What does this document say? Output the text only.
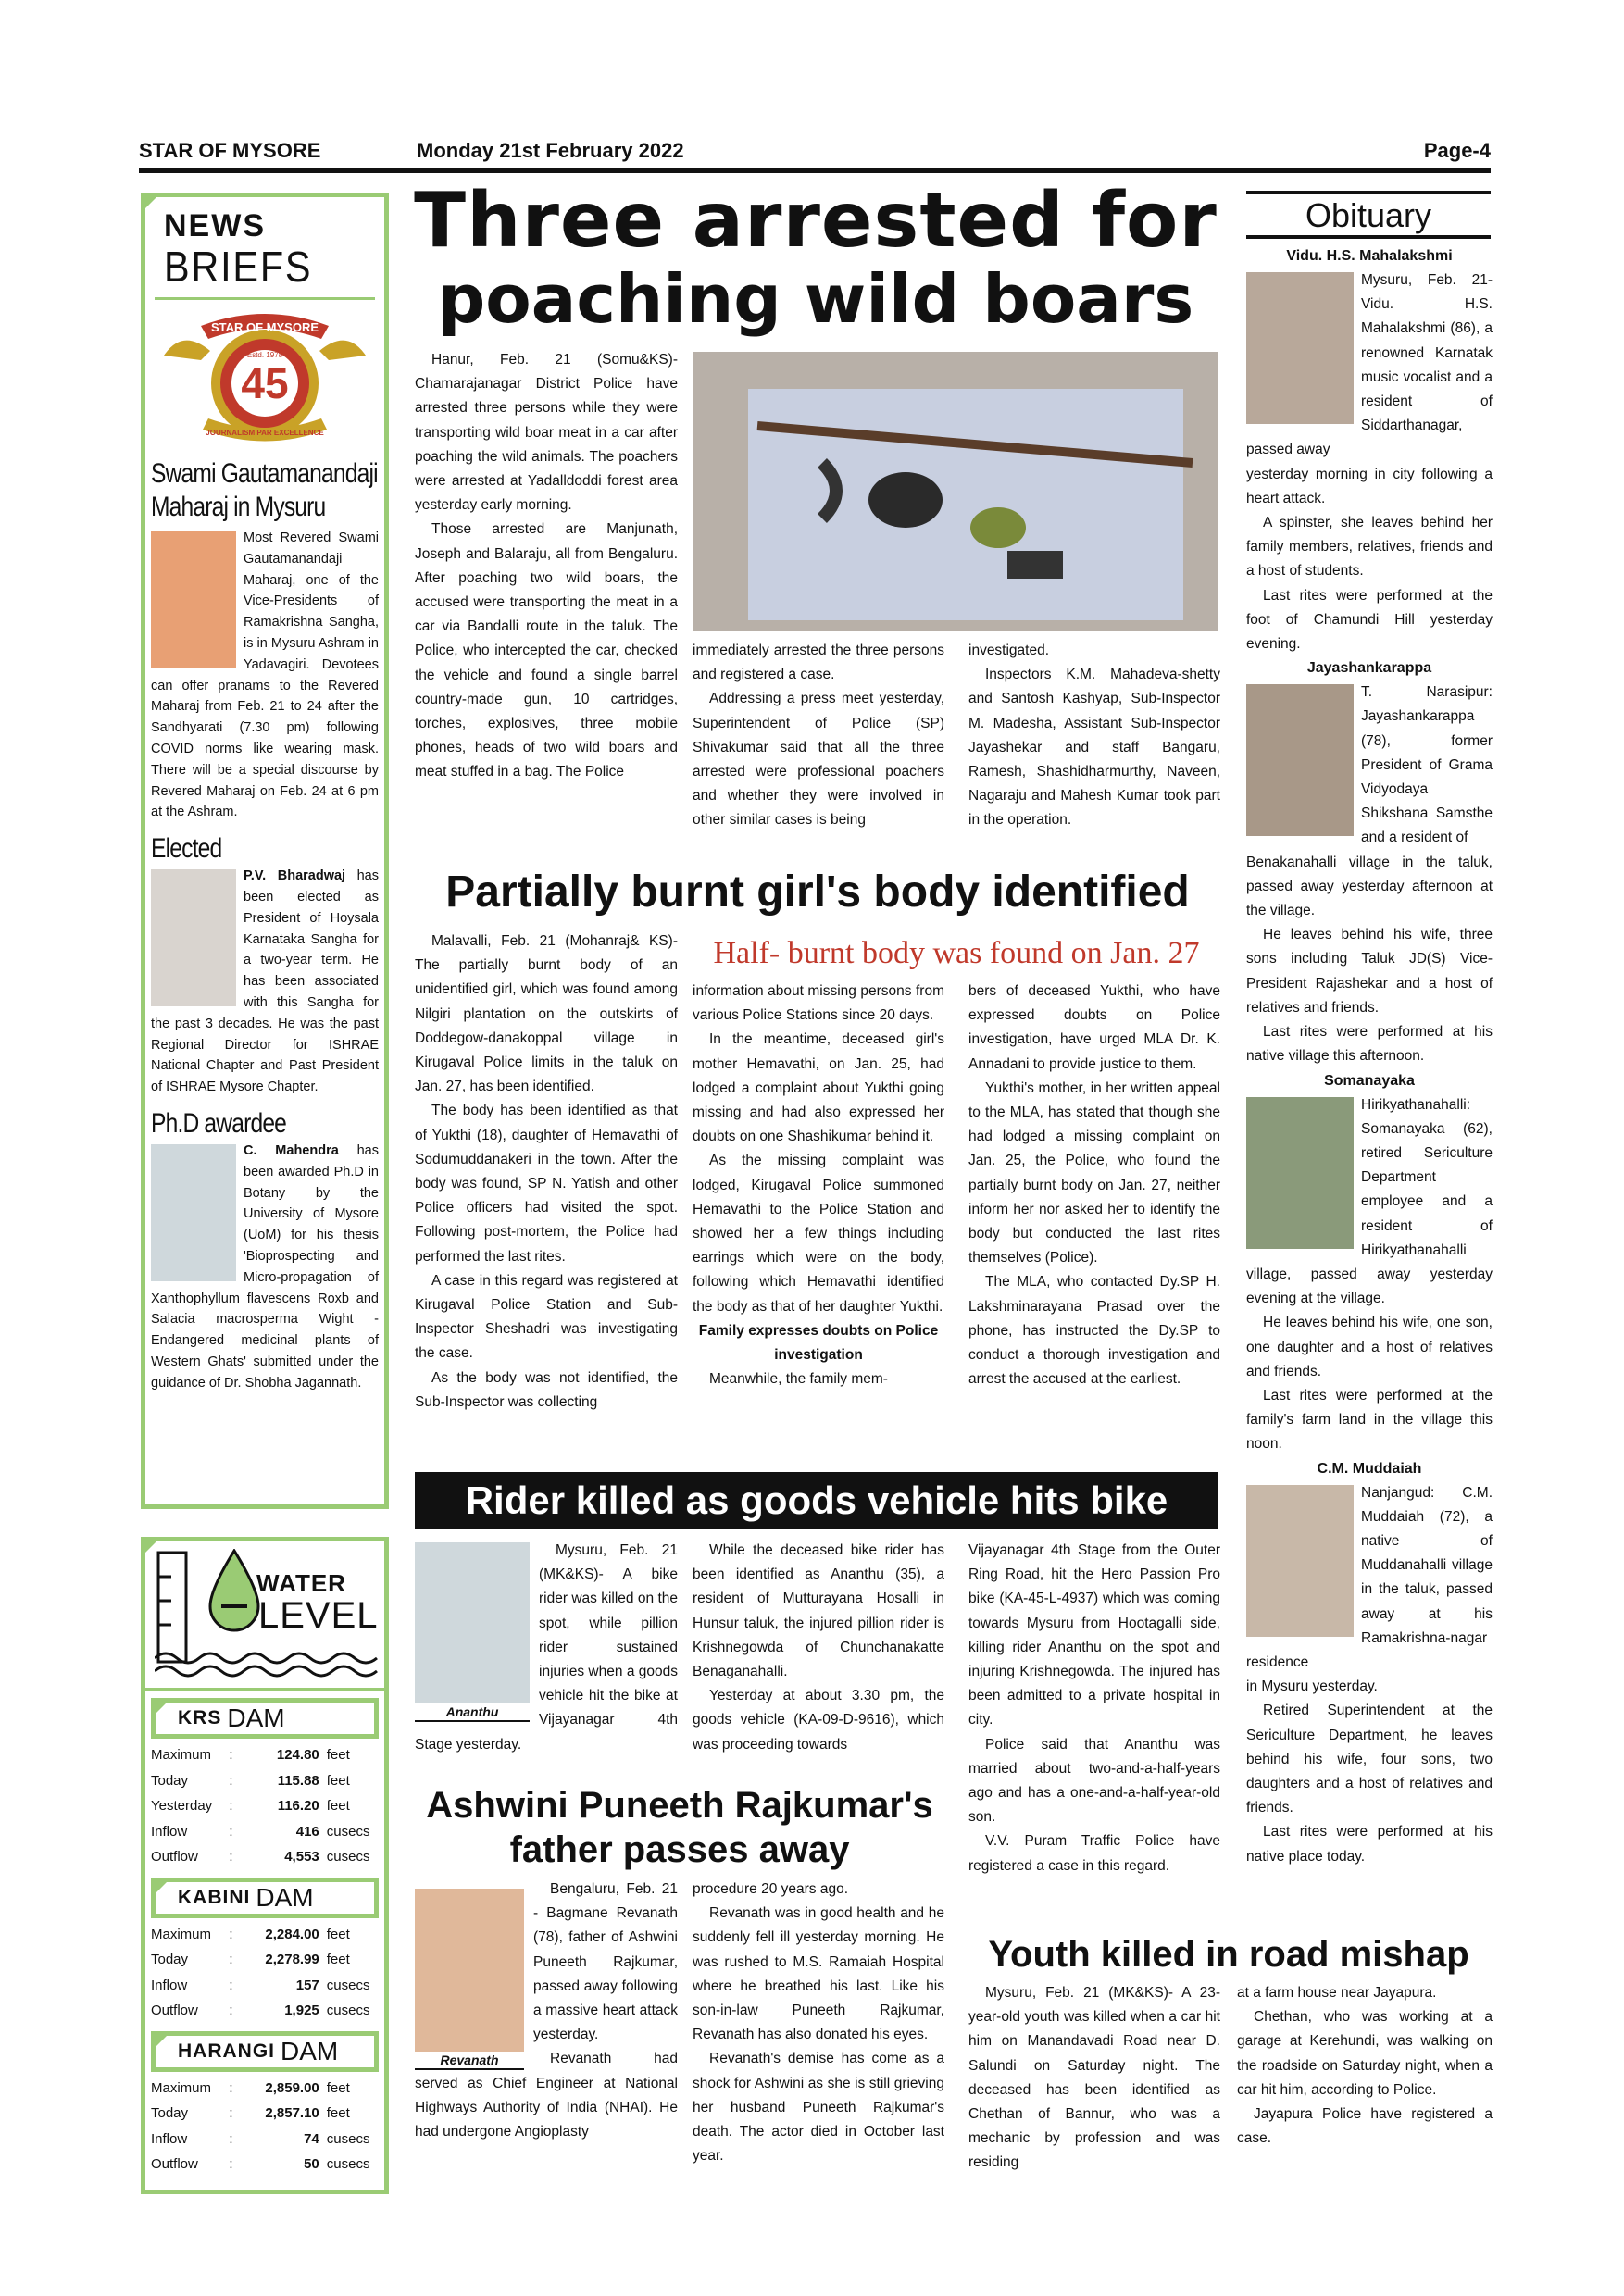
STAR OF MYSORE	Monday 21st February 2022	Page-4
NEWS
BRIEFS
45
STAR OF MYSORE
Estd. 1978
JOURNALISM PAR EXCELLENCE
Swami Gautamanandaji Maharaj in Mysuru
Most Revered Swami Gautamanandaji Maharaj, one of the Vice-Presidents of Ramakrishna Sangha, is in Mysuru Ashram in Yadavagiri. Devotees can offer pranams to the Revered Maharaj from Feb. 21 to 24 after the Sandhyarati (7.30 pm) following COVID norms like wearing mask. There will be a special discourse by Revered Maharaj on Feb. 24 at 6 pm at the Ashram.
Elected
P.V. Bharadwaj has been elected as President of Hoysala Karnataka Sangha for a two-year term. He has been associated with this Sangha for the past 3 decades. He was the past Regional Director for ISHRAE National Chapter and Past President of ISHRAE Mysore Chapter.
Ph.D awardee
C. Mahendra has been awarded Ph.D in Botany by the University of Mysore (UoM) for his thesis 'Bioprospecting and Micro-propagation of Xanthophyllum flavescens Roxb and Salacia macrosperma Wight - Endangered medicinal plants of Western Ghats' submitted under the guidance of Dr. Shobha Jagannath.
WATER
LEVEL
KRS DAM
Maximum	:	124.80 feet
Today	:	115.88 feet
Yesterday	:	116.20 feet
Inflow	:	416 cusecs
Outflow	:	4,553 cusecs
KABINI DAM
Maximum	:	2,284.00 feet
Today	:	2,278.99 feet
Inflow	:	157 cusecs
Outflow	:	1,925 cusecs
HARANGI DAM
Maximum	:	2,859.00 feet
Today	:	2,857.10 feet
Inflow	:	74 cusecs
Outflow	:	50 cusecs
Three arrested for
poaching wild boars

Hanur, Feb. 21 (Somu&KS)- Chamarajanagar District Police have arrested three persons while they were transporting wild boar meat in a car after poaching the wild animals. The poachers were arrested at Yadalldoddi forest area yesterday early morning.

Those arrested are Manjunath, Joseph and Balaraju, all from Bengaluru. After poaching two wild boars, the accused were transporting the meat in a car via Bandalli route in the taluk. The Police, who intercepted the car, checked the vehicle and found a single barrel country-made gun, 10 cartridges, torches, explosives, three mobile phones, heads of two wild boars and meat stuffed in a bag. The Police

immediately arrested the three persons and registered a case.

Addressing a press meet yesterday, Superintendent of Police (SP) Shivakumar said that all the three arrested were professional poachers and whether they were involved in other similar cases is being

investigated.

Inspectors K.M. Mahadeva-shetty and Santosh Kashyap, Sub-Inspector M. Madesha, Assistant Sub-Inspector Jayashekar and staff Bangaru, Ramesh, Shashidharmurthy, Naveen, Nagaraju and Mahesh Kumar took part in the operation.

Partially burnt girl's body identified

Malavalli, Feb. 21 (Mohanraj& KS)- The partially burnt body of an unidentified girl, which was found among Nilgiri plantation on the outskirts of Doddegow-danakoppal village in Kirugaval Police limits in the taluk on Jan. 27, has been identified.

The body has been identified as that of Yukthi (18), daughter of Hemavathi of Sodumuddanakeri in the town. After the body was found, SP N. Yatish and other Police officers had visited the spot. Following post-mortem, the Police had performed the last rites.

A case in this regard was registered at Kirugaval Police Station and Sub-Inspector Sheshadri was investigating the case.

As the body was not identified, the Sub-Inspector was collecting

Half- burnt body was found on Jan. 27

information about missing persons from various Police Stations since 20 days.

In the meantime, deceased girl's mother Hemavathi, on Jan. 25, had lodged a complaint about Yukthi going missing and had also expressed her doubts on one Shashikumar behind it.

As the missing complaint was lodged, Kirugaval Police summoned Hemavathi to the Police Station and showed her a few things including earrings which were on the body, following which Hemavathi identified the body as that of her daughter Yukthi.

Family expresses doubts on Police investigation

Meanwhile, the family mem-

bers of deceased Yukthi, who have expressed doubts on Police investigation, have urged MLA Dr. K. Annadani to provide justice to them.

Yukthi's mother, in her written appeal to the MLA, has stated that though she had lodged a missing complaint on Jan. 25, the Police, who found the partially burnt body on Jan. 27, neither inform her nor asked her to identify the body but conducted the last rites themselves (Police).

The MLA, who contacted Dy.SP H. Lakshminarayana Prasad over the phone, has instructed the Dy.SP to conduct a thorough investigation and arrest the accused at the earliest.

Rider killed as goods vehicle hits bike
Ananthu

Mysuru, Feb. 21 (MK&KS)- A bike rider was killed on the spot, while pillion rider sustained injuries when a goods vehicle hit the bike at Vijayanagar 4th Stage yesterday.

While the deceased bike rider has been identified as Ananthu (35), a resident of Mutturayana Hosalli in Hunsur taluk, the injured pillion rider is Krishnegowda of Chunchanakatte Benaganahalli.

Yesterday at about 3.30 pm, the goods vehicle (KA-09-D-9616), which was proceeding towards

Vijayanagar 4th Stage from the Outer Ring Road, hit the Hero Passion Pro bike (KA-45-L-4937) which was coming towards Mysuru from Hootagalli side, killing rider Ananthu on the spot and injuring Krishnegowda. The injured has been admitted to a private hospital in city.

Police said that Ananthu was married about two-and-a-half-years ago and has a one-and-a-half-year-old son.

V.V. Puram Traffic Police have registered a case in this regard.

Ashwini Puneeth Rajkumar's
father passes away
Revanath

Bengaluru, Feb. 21 - Bagmane Revanath (78), father of Ashwini Puneeth Rajkumar, passed away following a massive heart attack yesterday.

Revanath had served as Chief Engineer at National Highways Authority of India (NHAI). He had undergone Angioplasty

procedure 20 years ago.

Revanath was in good health and he suddenly fell ill yesterday morning. He was rushed to M.S. Ramaiah Hospital where he breathed his last. Like his son-in-law Puneeth Rajkumar, Revanath has also donated his eyes.

Revanath's demise has come as a shock for Ashwini as she is still grieving her husband Puneeth Rajkumar's death. The actor died in October last year.

Youth killed in road mishap

Mysuru, Feb. 21 (MK&KS)- A 23-year-old youth was killed when a car hit him on Manandavadi Road near D. Salundi on Saturday night. The deceased has been identified as Chethan of Bannur, who was a mechanic by profession and was residing

at a farm house near Jayapura.

Chethan, who was working at a garage at Kerehundi, was walking on the roadside on Saturday night, when a car hit him, according to Police.

Jayapura Police have registered a case.

Obituary
Vidu. H.S. Mahalakshmi

Mysuru, Feb. 21- Vidu. H.S. Mahalakshmi (86), a renowned Karnatak music vocalist and a resident of Siddarthanagar, passed away

yesterday morning in city following a heart attack.

A spinster, she leaves behind her family members, relatives, friends and a host of students.

Last rites were performed at the foot of Chamundi Hill yesterday evening.

Jayashankarappa

T. Narasipur: Jayashankarappa (78), former President of Grama Vidyodaya Shikshana Samsthe and a resident of

Benakanahalli village in the taluk, passed away yesterday afternoon at the village.

He leaves behind his wife, three sons including Taluk JD(S) Vice-President Rajashekar and a host of relatives and friends.

Last rites were performed at his native village this afternoon.

Somanayaka

Hirikyathanahalli: Somanayaka (62), retired Sericulture Department employee and a resident of Hirikyathanahalli

village, passed away yesterday evening at the village.

He leaves behind his wife, one son, one daughter and a host of relatives and friends.

Last rites were performed at the family's farm land in the village this noon.

C.M. Muddaiah

Nanjangud: C.M. Muddaiah (72), a native of Muddanahalli village in the taluk, passed away at his Ramakrishna-nagar residence

in Mysuru yesterday.

Retired Superintendent at the Sericulture Department, he leaves behind his wife, four sons, two daughters and a host of relatives and friends.

Last rites were performed at his native place today.
